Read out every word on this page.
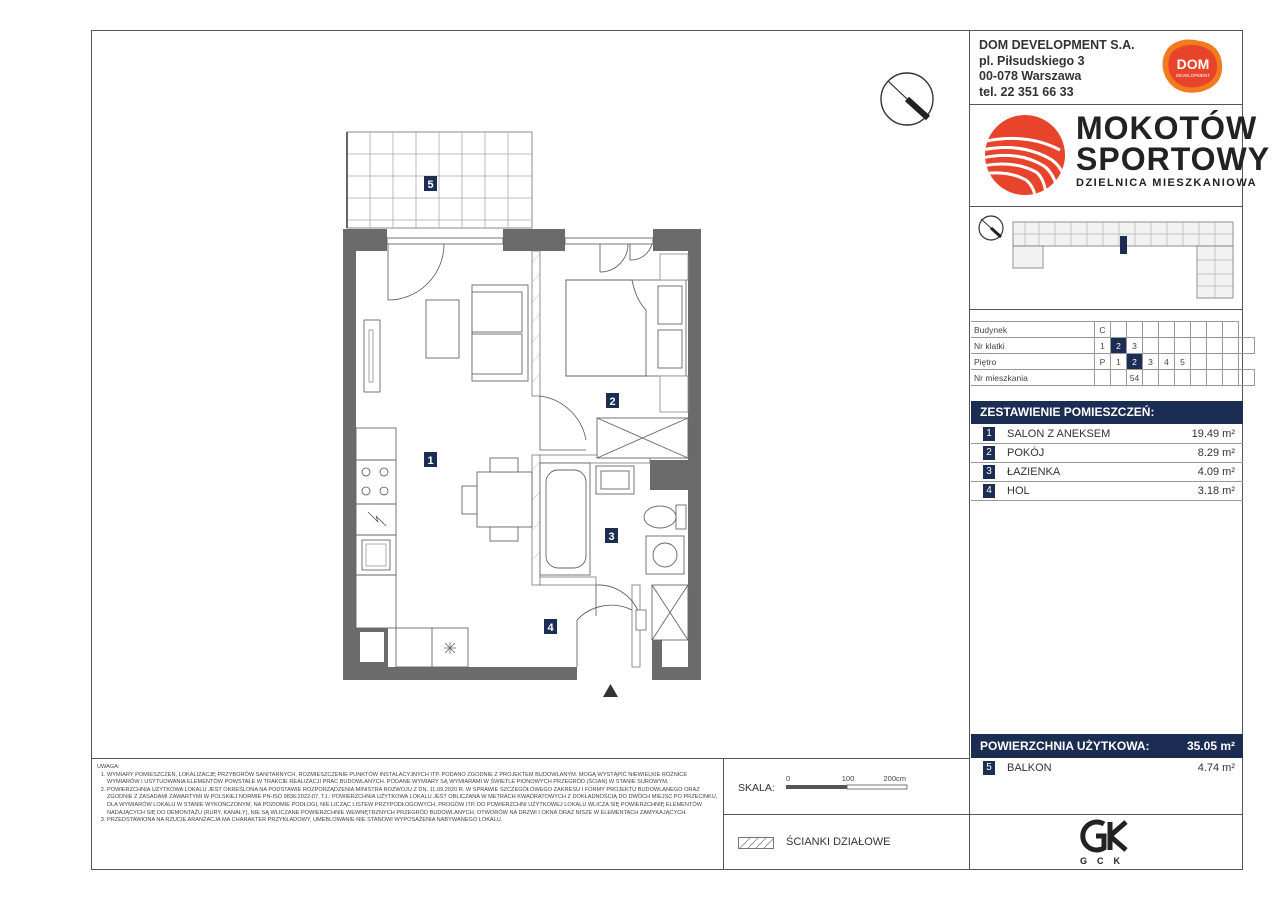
DOM DEVELOPMENT S.A.
pl. Piłsudskiego 3
00-078 Warszawa
tel. 22 351 66 33
DOM
DEVELOPMENT
MOKOTÓW
SPORTOWY
DZIELNICA MIESZKANIOWA
Budynek	C									
Nr klatki	1	2	3							
Piętro	P	1	2	3	4	5				
Nr mieszkania			54							
ZESTAWIENIE POMIESZCZEŃ:
1 SALON Z ANEKSEM	19.49 m²
2 POKÓJ	8.29 m²
3 ŁAZIENKA	4.09 m²
4 HOL	3.18 m²
POWIERZCHNIA UŻYTKOWA:	35.05 m²
5 BALKON	4.74 m²
UWAGA:
1. WYMIARY POMIESZCZEŃ, LOKALIZACJĘ PRZYBORÓW SANITARNYCH, ROZMIESZCZENIE PUNKTÓW INSTALACYJNYCH ITP. PODANO ZGODNIE Z PROJEKTEM BUDOWLANYM. MOGĄ WYSTĄPIĆ NIEWIELKIE RÓŻNICE WYMIARÓW I USYTUOWANIA ELEMENTÓW POWSTAŁE W TRAKCIE REALIZACJI PRAC BUDOWLANYCH. PODANE WYMIARY SĄ WYMIARAMI W ŚWIETLE PIONOWYCH PRZEGRÓD (ŚCIAN) W STANIE SUROWYM.
2. POWIERZCHNIA UŻYTKOWA LOKALU JEST OKREŚLONA NA PODSTAWIE ROZPORZĄDZENIA MINISTRA ROZWOJU Z DN. 11.09.2020 R. W SPRAWIE SZCZEGÓŁOWEGO ZAKRESU I FORMY PROJEKTU BUDOWLANEGO ORAZ ZGODNIE Z ZASADAMI ZAWARTYMI W POLSKIEJ NORMIE PN-ISO 9836:2022-07, TJ.: POWIERZCHNIA UŻYTKOWA LOKALU JEST OBLICZANA W METRACH KWADRATOWYCH Z DOKŁADNOŚCIĄ DO DWÓCH MIEJSC PO PRZECINKU, DLA WYMIARÓW LOKALU W STANIE WYKOŃCZONYM, NA POZIOMIE PODŁOGI, NIE LICZĄC LISTEW PRZYPODŁOGOWYCH, PROGÓW ITP. DO POWIERZCHNI UŻYTKOWEJ LOKALU WLICZA SIĘ POWIERZCHNIĘ ELEMENTÓW NADAJĄCYCH SIĘ DO DEMONTAŻU (RURY, KANAŁY), NIE SĄ WLICZANE POWIERZCHNIE WEWNĘTRZNYCH PRZEGRÓD BUDOWLANYCH, OTWORÓW NA DRZWI I OKNA ORAZ NISZE W ELEMENTACH ZAMYKAJĄCYCH.
3. PRZEDSTAWIONA NA RZUCIE ARANŻACJA MA CHARAKTER PRZYKŁADOWY, UMEBLOWANIE NIE STANOWI WYPOSAŻENIA NABYWANEGO LOKALU.
SKALA:
0	100	200cm
ŚCIANKI DZIAŁOWE
GCK
5
1
2
3
4
